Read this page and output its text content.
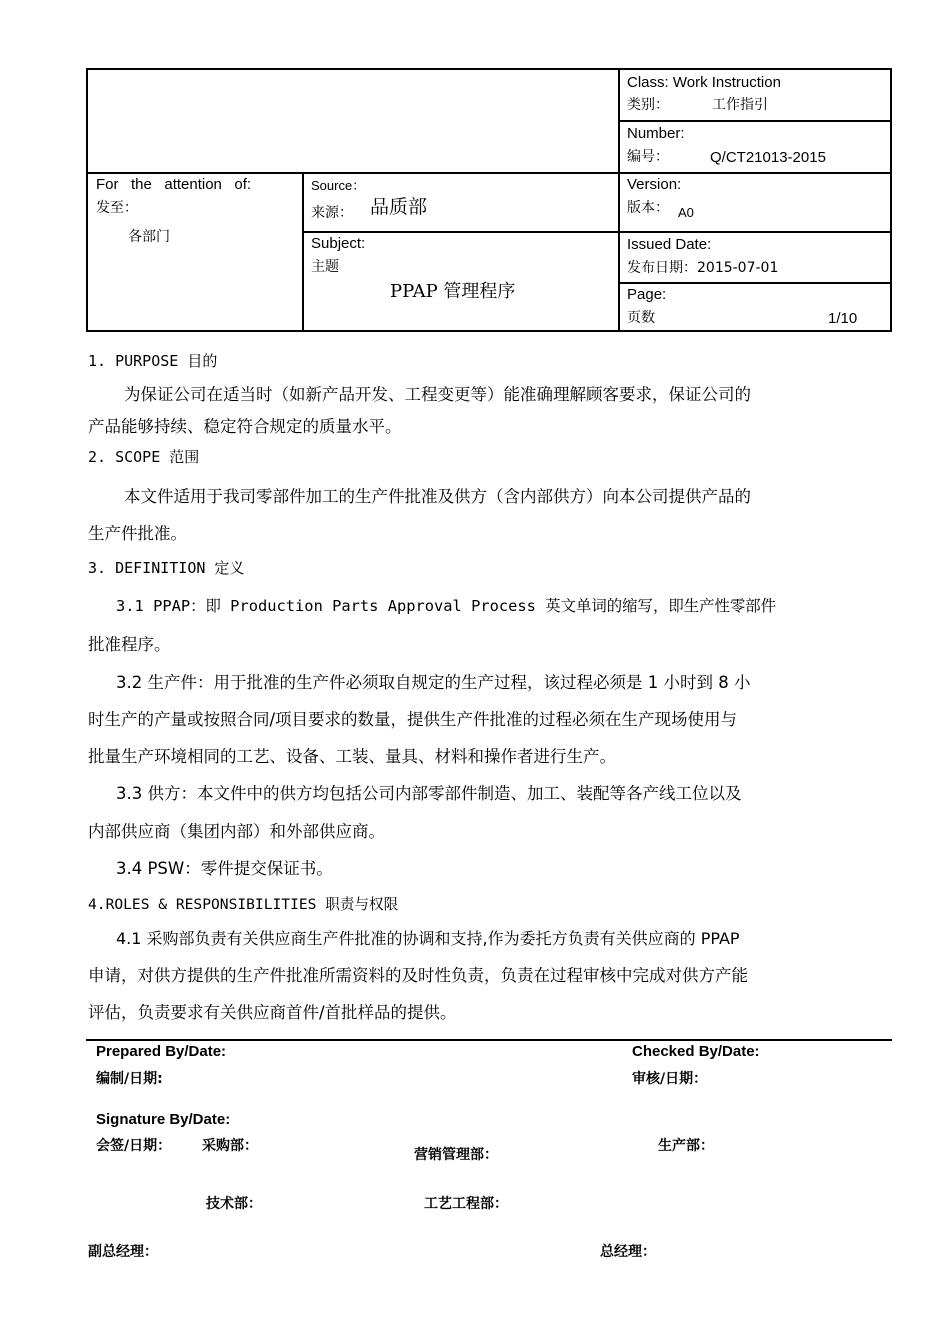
Class: Work Instruction
类别：	工作指引
Number:
编号：	Q/CT21013-2015
For   the   attention   of:
发至：
各部门
Source：
来源： 品质部
Subject:
主题
PPAP 管理程序
Version:
版本： A0
Issued Date:
发布日期：2015-07-01
Page:
页数	1/10
1. PURPOSE 目的
为保证公司在适当时（如新产品开发、工程变更等）能准确理解顾客要求，保证公司的
产品能够持续、稳定符合规定的质量水平。
2. SCOPE 范围
本文件适用于我司零部件加工的生产件批准及供方（含内部供方）向本公司提供产品的
生产件批准。
3. DEFINITION 定义
3.1 PPAP：即 Production Parts Approval Process 英文单词的缩写，即生产性零部件
批准程序。
3.2 生产件：用于批准的生产件必须取自规定的生产过程，该过程必须是 1 小时到 8 小
时生产的产量或按照合同/项目要求的数量，提供生产件批准的过程必须在生产现场使用与
批量生产环境相同的工艺、设备、工装、量具、材料和操作者进行生产。
3.3 供方：本文件中的供方均包括公司内部零部件制造、加工、装配等各产线工位以及
内部供应商（集团内部）和外部供应商。
3.4 PSW：零件提交保证书。
4.ROLES & RESPONSIBILITIES 职责与权限
4.1 采购部负责有关供应商生产件批准的协调和支持,作为委托方负责有关供应商的 PPAP
申请，对供方提供的生产件批准所需资料的及时性负责，负责在过程审核中完成对供方产能
评估，负责要求有关供应商首件/首批样品的提供。
Prepared By/Date:
编制/日期:
Checked By/Date:
审核/日期：
Signature By/Date:
会签/日期： 采购部：
营销管理部：
生产部：
技术部：	工艺工程部：
副总经理：	总经理：
